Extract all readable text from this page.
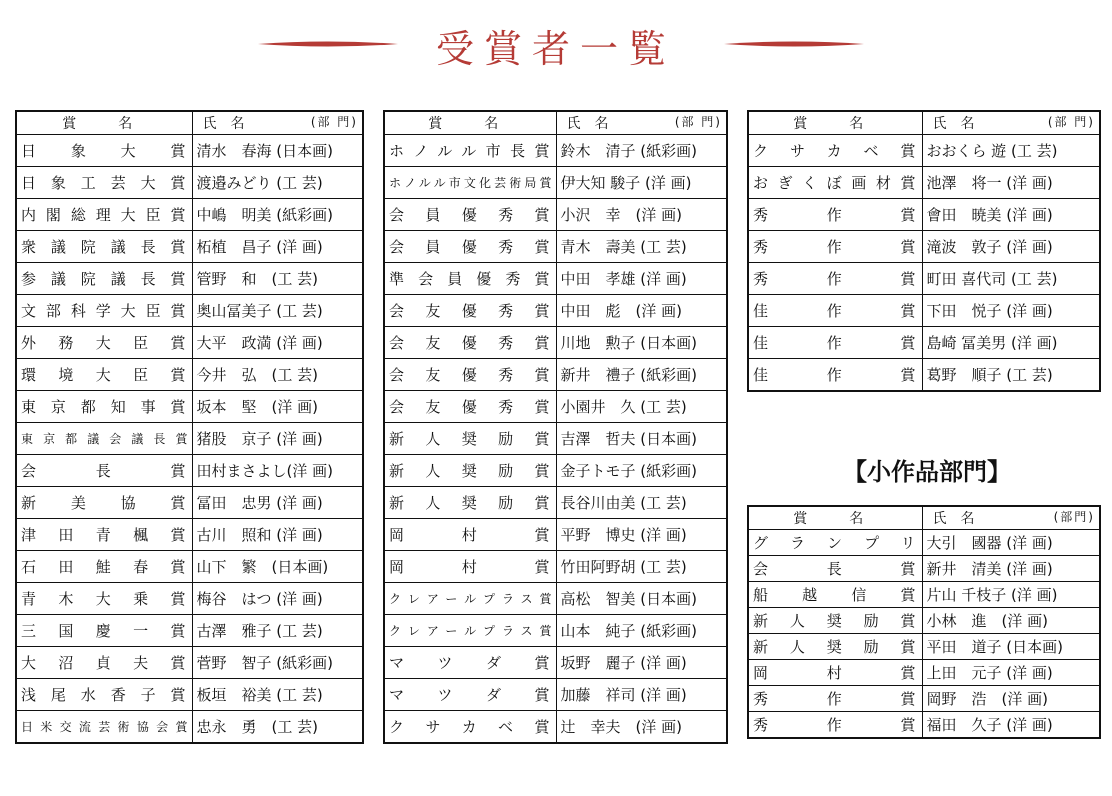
受賞者一覧
賞　名	氏　名 (部 門)

日　象　大　賞	清水　春海 (日本画)
日象工芸大賞	渡邉みどり (工 芸)
内閣総理大臣賞	中嶋　明美 (紙彩画)
衆議院議長賞	柘植　昌子 (洋 画)
参議院議長賞	管野　和　(工 芸)
文部科学大臣賞	奥山冨美子 (工 芸)
外務大臣賞	大平　政満 (洋 画)
環境大臣賞	今井　弘　(工 芸)
東京都知事賞	坂本　堅　(洋 画)
東京都議会議長賞	猪股　京子 (洋 画)
会　長　賞	田村まさよし(洋 画)
新美協賞	冨田　忠男 (洋 画)
津田青楓賞	古川　照和 (洋 画)
石田鮭春賞	山下　繁　(日本画)
青木大乗賞	梅谷　はつ (洋 画)
三国慶一賞	古澤　雅子 (工 芸)
大沼貞夫賞	菅野　智子 (紙彩画)
浅尾水香子賞	板垣　裕美 (工 芸)
日米交流芸術協会賞	忠永　勇　(工 芸)
賞　名	氏　名 (部 門)

ホノルル市長賞	鈴木　清子 (紙彩画)
ホノルル市文化芸術局賞	伊大知 駿子 (洋 画)
会員優秀賞	小沢　幸　(洋 画)
会員優秀賞	青木　壽美 (工 芸)
準会員優秀賞	中田　孝雄 (洋 画)
会友優秀賞	中田　彪　(洋 画)
会友優秀賞	川地　勲子 (日本画)
会友優秀賞	新井　禮子 (紙彩画)
会友優秀賞	小園井　久 (工 芸)
新人奨励賞	吉澤　哲夫 (日本画)
新人奨励賞	金子トモ子 (紙彩画)
新人奨励賞	長谷川由美 (工 芸)
岡　村　賞	平野　博史 (洋 画)
岡　村　賞	竹田阿野胡 (工 芸)
クレアールプラス賞	高松　智美 (日本画)
クレアールプラス賞	山本　純子 (紙彩画)
マ　ツ　ダ　賞	坂野　麗子 (洋 画)
マ　ツ　ダ　賞	加藤　祥司 (洋 画)
クサカベ賞	辻　幸夫　(洋 画)
賞　名	氏　名 (部 門)

クサカベ賞	おおくら 遊 (工 芸)
おぎくぼ画材賞	池澤　将一 (洋 画)
秀　作　賞	會田　暁美 (洋 画)
秀　作　賞	滝波　敦子 (洋 画)
秀　作　賞	町田 喜代司 (工 芸)
佳　作　賞	下田　悦子 (洋 画)
佳　作　賞	島崎 冨美男 (洋 画)
佳　作　賞	葛野　順子 (工 芸)
【小作品部門】
賞　名	氏　名 (部門)

グランプリ	大引　國器 (洋 画)
会　長　賞	新井　清美 (洋 画)
船越信賞	片山 千枝子 (洋 画)
新人奨励賞	小林　進　(洋 画)
新人奨励賞	平田　道子 (日本画)
岡　村　賞	上田　元子 (洋 画)
秀　作　賞	岡野　浩　(洋 画)
秀　作　賞	福田　久子 (洋 画)
